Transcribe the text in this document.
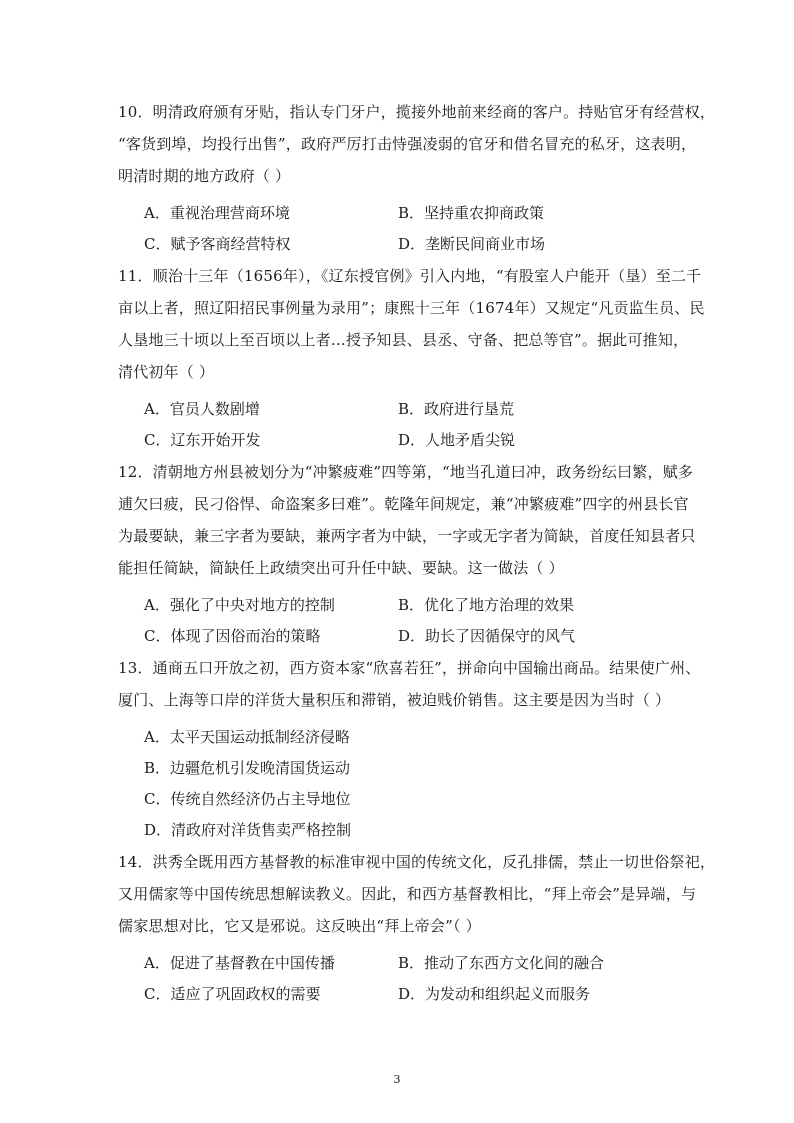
10．明清政府颁有牙贴，指认专门牙户，揽接外地前来经商的客户。持贴官牙有经营权，
“客货到埠，均投行出售”，政府严厉打击恃强凌弱的官牙和借名冒充的私牙，这表明，
明清时期的地方政府（ ）
A．重视治理营商环境	B．坚持重农抑商政策
C．赋予客商经营特权	D．垄断民间商业市场
11．顺治十三年（1656年），《辽东授官例》引入内地，“有股室人户能开（垦）至二千
亩以上者，照辽阳招民事例量为录用”；康熙十三年（1674年）又规定“凡贡监生员、民
人垦地三十顷以上至百顷以上者…授予知县、县丞、守备、把总等官”。据此可推知，
清代初年（ ）
A．官员人数剧增	B．政府进行垦荒
C．辽东开始开发	D．人地矛盾尖锐
12．清朝地方州县被划分为“冲繁疲难”四等第，“地当孔道曰冲，政务纷纭曰繁，赋多
逋欠曰疲，民刁俗悍、命盗案多曰难”。乾隆年间规定，兼“冲繁疲难”四字的州县长官
为最要缺，兼三字者为要缺，兼两字者为中缺，一字或无字者为简缺，首度任知县者只
能担任简缺，简缺任上政绩突出可升任中缺、要缺。这一做法（ ）
A．强化了中央对地方的控制	B．优化了地方治理的效果
C．体现了因俗而治的策略	D．助长了因循保守的风气
13．通商五口开放之初，西方资本家“欣喜若狂”，拼命向中国输出商品。结果使广州、
厦门、上海等口岸的洋货大量积压和滞销，被迫贱价销售。这主要是因为当时（ ）
A．太平天国运动抵制经济侵略
B．边疆危机引发晚清国货运动
C．传统自然经济仍占主导地位
D．清政府对洋货售卖严格控制
14．洪秀全既用西方基督教的标准审视中国的传统文化，反孔排儒，禁止一切世俗祭祀，
又用儒家等中国传统思想解读教义。因此，和西方基督教相比，“拜上帝会”是异端，与
儒家思想对比，它又是邪说。这反映出“拜上帝会”（ ）
A．促进了基督教在中国传播	B．推动了东西方文化间的融合
C．适应了巩固政权的需要	D．为发动和组织起义而服务
3
